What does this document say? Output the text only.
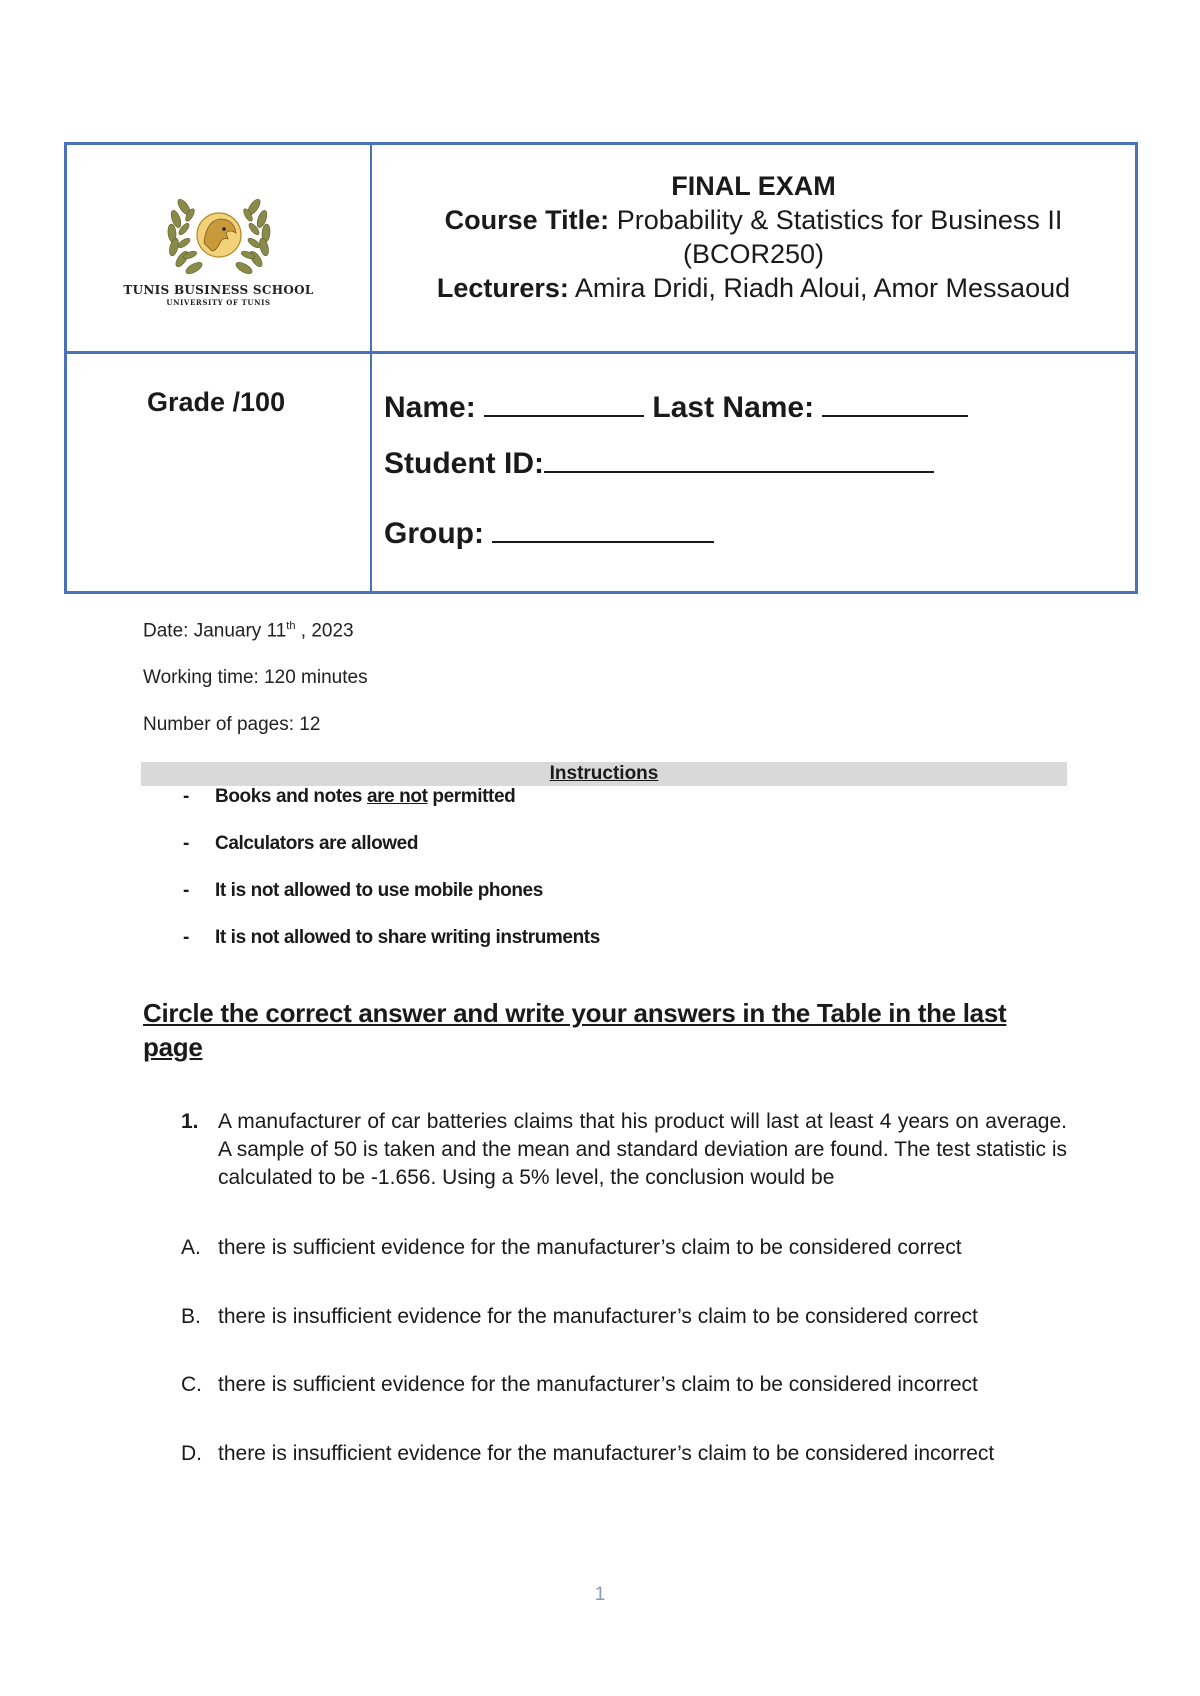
TUNIS BUSINESS SCHOOL
UNIVERSITY OF TUNIS
FINAL EXAM
Course Title: Probability & Statistics for Business II
(BCOR250)
Lecturers: Amira Dridi, Riadh Aloui, Amor Messaoud
Grade /100	Name:	Last Name:
Student ID:
Group:
Date: January 11th , 2023
Working time: 120 minutes
Number of pages: 12
Instructions
- Books and notes are not permitted
- Calculators are allowed
- It is not allowed to use mobile phones
- It is not allowed to share writing instruments
Circle the correct answer and write your answers in the Table in the last page
1. A manufacturer of car batteries claims that his product will last at least 4 years on average. A sample of 50 is taken and the mean and standard deviation are found. The test statistic is calculated to be -1.656. Using a 5% level, the conclusion would be
A. there is sufficient evidence for the manufacturer’s claim to be considered correct
B. there is insufficient evidence for the manufacturer’s claim to be considered correct
C. there is sufficient evidence for the manufacturer’s claim to be considered incorrect
D. there is insufficient evidence for the manufacturer’s claim to be considered incorrect
1
